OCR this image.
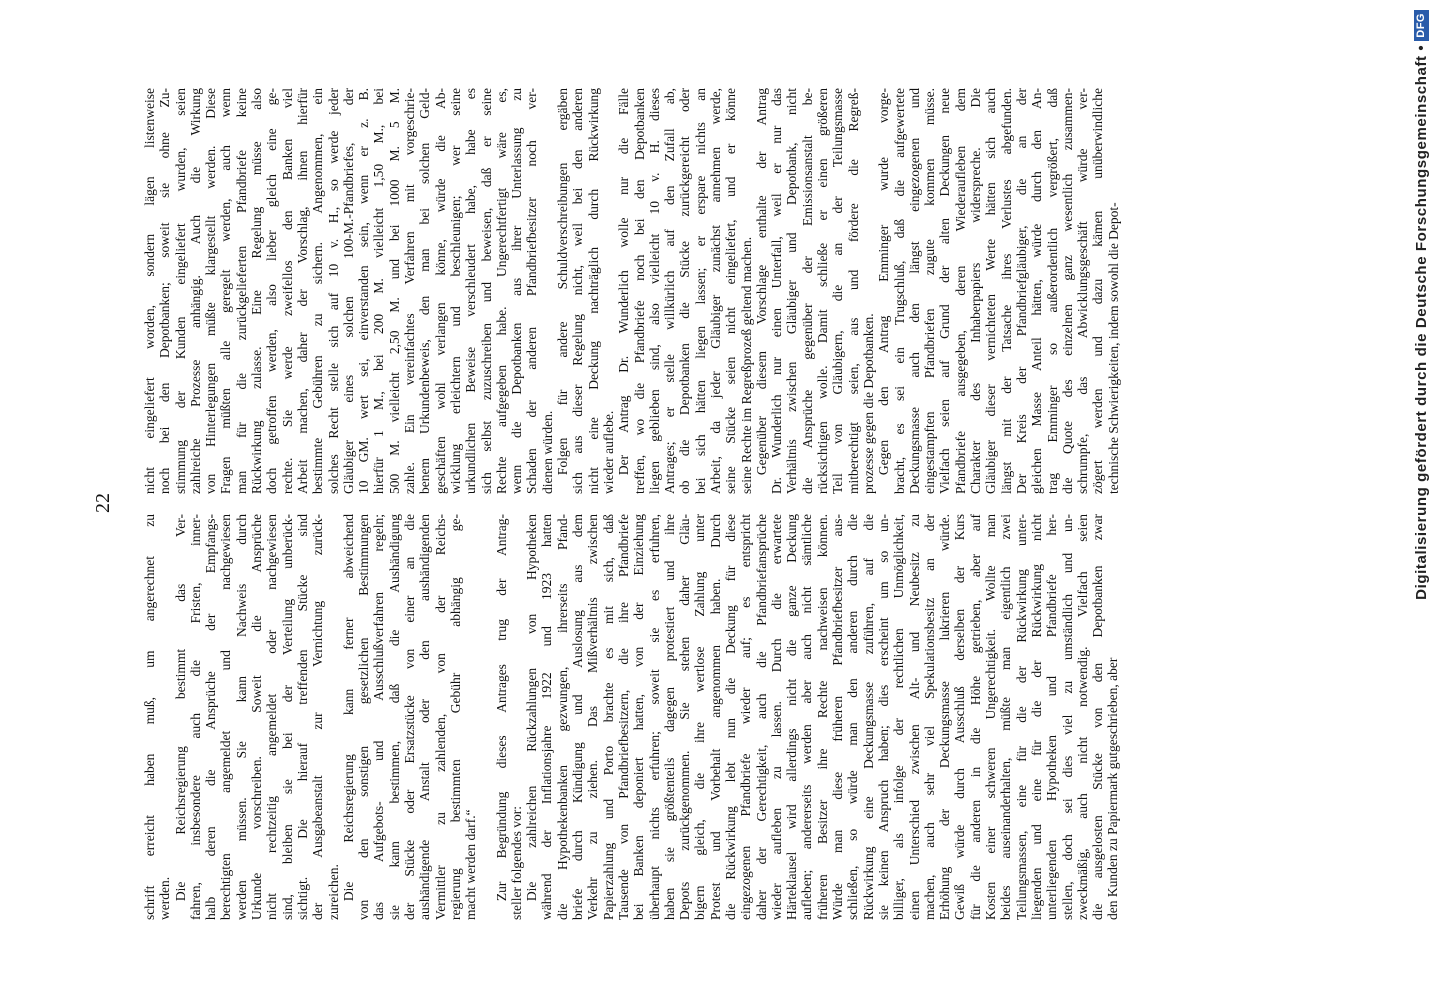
22
schrift erreicht haben muß, um angerechnet zu werden. Die Reichsregierung bestimmt das Ver- fahren, insbesondere auch die Fristen, inner- halb deren die Ansprüche der Empfangs- berechtigten angemeldet und nachgewiesen werden müssen. Sie kann Nachweis durch Urkunde vorschreiben. Soweit die Ansprüche nicht rechtzeitig angemeldet oder nachgewiesen sind, bleiben sie bei der Verteilung unberück- sichtigt. Die hierauf treffenden Stücke sind der Ausgabeanstalt zur Vernichtung zurück- zureichen. Die Reichsregierung kann ferner abweichend von den sonstigen gesetzlichen Bestimmungen das Aufgebots- und Ausschlußverfahren regeln; sie kann bestimmen, daß die Aushändigung der Stücke oder Ersatzstücke von einer an die aushändigende Anstalt oder den aushändigenden Vermittler zu zahlenden, von der Reichs- regierung bestimmten Gebühr abhängig ge- macht werden darf.“ Zur Begründung dieses Antrages trug der Antrag- steller folgendes vor: Die zahlreichen Rückzahlungen von Hypotheken während der Inflationsjahre 1922 und 1923 hatten die Hypothekenbanken gezwungen, ihrerseits Pfand- briefe durch Kündigung und Auslosung aus dem Verkehr zu ziehen. Das Mißverhältnis zwischen Papierzahlung und Porto brachte es mit sich, daß Tausende von Pfandbriefbesitzern, die ihre Pfandbriefe bei Banken deponiert hatten, von der Einziehung überhaupt nichts erfuhren; soweit sie es erfuhren, haben sie größtenteils dagegen protestiert und ihre Depots zurückgenommen. Sie stehen daher Gläu- bigern gleich, die ihre wertlose Zahlung unter Protest und Vorbehalt angenommen haben. Durch die Rückwirkung lebt nun die Deckung für diese eingezogenen Pfandbriefe wieder auf; es entspricht daher der Gerechtigkeit, auch die Pfandbriefansprüche wieder aufleben zu lassen. Durch die erwartete Härteklausel wird allerdings nicht die ganze Deckung aufleben; andererseits werden aber auch nicht sämtliche früheren Besitzer ihre Rechte nachweisen können. Würde man diese früheren Pfandbriefbesitzer aus- schließen, so würde man den anderen durch die Rückwirkung eine Deckungsmasse zuführen, auf die sie keinen Anspruch haben; dies erscheint um so un- billiger, als infolge der rechtlichen Unmöglichkeit, einen Unterschied zwischen Alt- und Neubesitz zu machen, auch sehr viel Spekulationsbesitz an der Erhöhung der Deckungsmasse lukrieren würde. Gewiß würde durch Ausschluß derselben der Kurs für die anderen in die Höhe getrieben, aber auf Kosten einer schweren Ungerechtigkeit. Wollte man beides auseinanderhalten, müßte man eigentlich zwei Teilungsmassen, eine für die der Rückwirkung unter- liegenden und eine für die der Rückwirkung nicht unterliegenden Hypotheken und Pfandbriefe her- stellen, doch sei dies viel zu umständlich und un- zweckmäßig, auch nicht notwendig. Vielfach seien die ausgelosten Stücke von den Depotbanken zwar den Kunden zu Papiermark gutgeschrieben, aber
nicht eingeliefert worden, sondern lägen listenweise noch bei den Depotbanken; soweit sie ohne Zu- stimmung der Kunden eingeliefert wurden, seien zahlreiche Prozesse anhängig. Auch die Wirkung von Hinterlegungen müßte klargestellt werden. Diese Fragen müßten alle geregelt werden, auch wenn man für die zurückgelieferten Pfandbriefe keine Rückwirkung zulasse. Eine Regelung müsse also doch getroffen werden, also lieber gleich eine ge- rechte. Sie werde zweifellos den Banken viel Arbeit machen, daher der Vorschlag, ihnen hierfür bestimmte Gebühren zu sichern. Angenommen, ein solches Recht stelle sich auf 10 v. H., so werde jeder Gläubiger eines solchen 100-M.-Pfandbriefes, der 10 GM. wert sei, einverstanden sein, wenn er z. B. hierfür 1 M., bei 200 M. vielleicht 1,50 M., bei 500 M. vielleicht 2,50 M. und bei 1000 M. 5 M. zahle. Ein vereinfachtes Verfahren mit vorgeschrie- benem Urkundenbeweis, den man bei solchen Geld- geschäften wohl verlangen könne, würde die Ab- wicklung erleichtern und beschleunigen; wer seine urkundlichen Beweise verschleudert habe, habe es sich selbst zuzuschreiben und beweisen, daß er seine Rechte aufgegeben habe. Ungerechtfertigt wäre es, wenn die Depotbanken aus ihrer Unterlassung zu Schaden der anderen Pfandbriefbesitzer noch ver- dienen würden. Folgen für andere Schuldverschreibungen ergäben sich aus dieser Regelung nicht, weil bei den anderen nicht eine Deckung nachträglich durch Rückwirkung wieder auflebe. Der Antrag Dr. Wunderlich wolle nur die Fälle treffen, wo die Pfandbriefe noch bei den Depotbanken liegen geblieben sind, also vielleicht 10 v. H. dieses Antrages; er stelle willkürlich auf den Zufall ab, ob die Depotbanken die Stücke zurückgereicht oder bei sich hätten liegen lassen; er erspare nichts an Arbeit, da jeder Gläubiger zunächst annehmen werde, seine Stücke seien nicht eingeliefert, und er könne seine Rechte im Regreßprozeß geltend machen. Gegenüber diesem Vorschlage enthalte der Antrag Dr. Wunderlich nur einen Unterfall, weil er nur das Verhältnis zwischen Gläubiger und Depotbank, nicht die Ansprüche gegenüber der Emissionsanstalt be- rücksichtigen wolle. Damit schließe er einen größeren Teil von Gläubigern, die an der Teilungsmasse mitberechtigt seien, aus und fördere die Regreß- prozesse gegen die Depotbanken. Gegen den Antrag Emminger wurde vorge- bracht, es sei ein Trugschluß, daß die aufgewertete Deckungsmasse auch den längst eingezogenen und eingestampften Pfandbriefen zugute kommen müsse. Vielfach seien auf Grund der alten Deckungen neue Pfandbriefe ausgegeben, deren Wiederaufleben dem Charakter des Inhaberpapiers widerspreche. Die Gläubiger dieser vernichteten Werte hätten sich auch längst mit der Tatsache ihres Verlustes abgefunden. Der Kreis der Pfandbriefgläubiger, die an der gleichen Masse Anteil hätten, würde durch den An- trag Emminger so außerordentlich vergrößert, daß die Quote des einzelnen ganz wesentlich zusammen- schrumpfe, das Abwicklungsgeschäft würde ver- zögert werden und dazu kämen unüberwindliche technische Schwierigkeiten, indem sowohl die Depot-	Digitalisierung gefördert durch die Deutsche Forschungsgemeinschaft •
DFG
